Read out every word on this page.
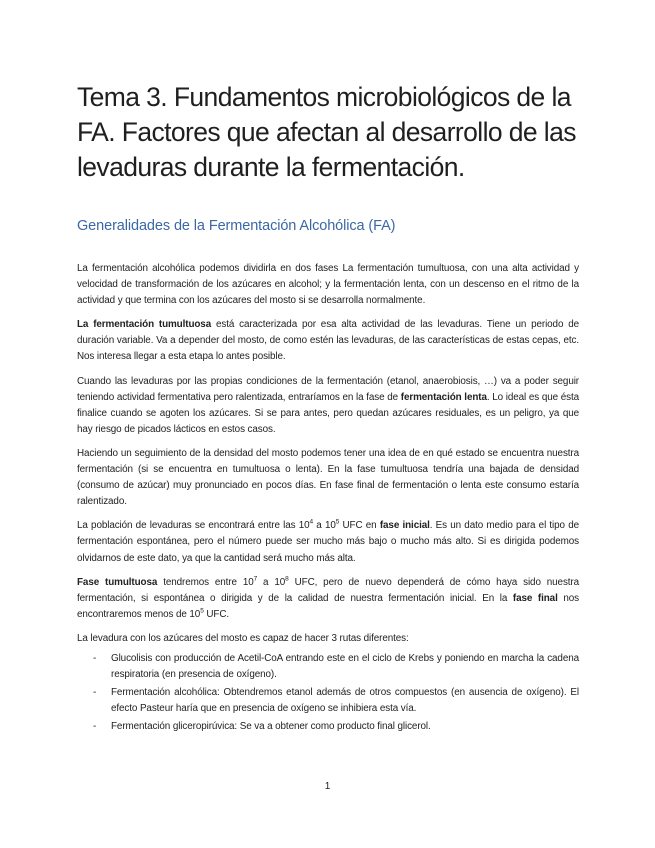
Tema 3. Fundamentos microbiológicos de la FA. Factores que afectan al desarrollo de las levaduras durante la fermentación.
Generalidades de la Fermentación Alcohólica (FA)

La fermentación alcohólica podemos dividirla en dos fases La fermentación tumultuosa, con una alta actividad y velocidad de transformación de los azúcares en alcohol; y la fermentación lenta, con un descenso en el ritmo de la actividad y que termina con los azúcares del mosto si se desarrolla normalmente.

La fermentación tumultuosa está caracterizada por esa alta actividad de las levaduras. Tiene un periodo de duración variable. Va a depender del mosto, de como estén las levaduras, de las características de estas cepas, etc. Nos interesa llegar a esta etapa lo antes posible.

Cuando las levaduras por las propias condiciones de la fermentación (etanol, anaerobiosis, …) va a poder seguir teniendo actividad fermentativa pero ralentizada, entraríamos en la fase de fermentación lenta. Lo ideal es que ésta finalice cuando se agoten los azúcares. Si se para antes, pero quedan azúcares residuales, es un peligro, ya que hay riesgo de picados lácticos en estos casos.

Haciendo un seguimiento de la densidad del mosto podemos tener una idea de en qué estado se encuentra nuestra fermentación (si se encuentra en tumultuosa o lenta). En la fase tumultuosa tendría una bajada de densidad (consumo de azúcar) muy pronunciado en pocos días. En fase final de fermentación o lenta este consumo estaría ralentizado.

La población de levaduras se encontrará entre las $10^4$ a $10^5$ UFC en fase inicial. Es un dato medio para el tipo de fermentación espontánea, pero el número puede ser mucho más bajo o mucho más alto. Si es dirigida podemos olvidarnos de este dato, ya que la cantidad será mucho más alta.

Fase tumultuosa tendremos entre $10^7$ a $10^8$ UFC, pero de nuevo dependerá de cómo haya sido nuestra fermentación, si espontánea o dirigida y de la calidad de nuestra fermentación inicial. En la fase final nos encontraremos menos de $10^5$ UFC.

La levadura con los azúcares del mosto es capaz de hacer 3 rutas diferentes:

- Glucolisis con producción de Acetil-CoA entrando este en el ciclo de Krebs y poniendo en marcha la cadena respiratoria (en presencia de oxígeno).
- Fermentación alcohólica: Obtendremos etanol además de otros compuestos (en ausencia de oxígeno). El efecto Pasteur haría que en presencia de oxígeno se inhibiera esta vía.
- Fermentación gliceropirúvica: Se va a obtener como producto final glicerol.
1
